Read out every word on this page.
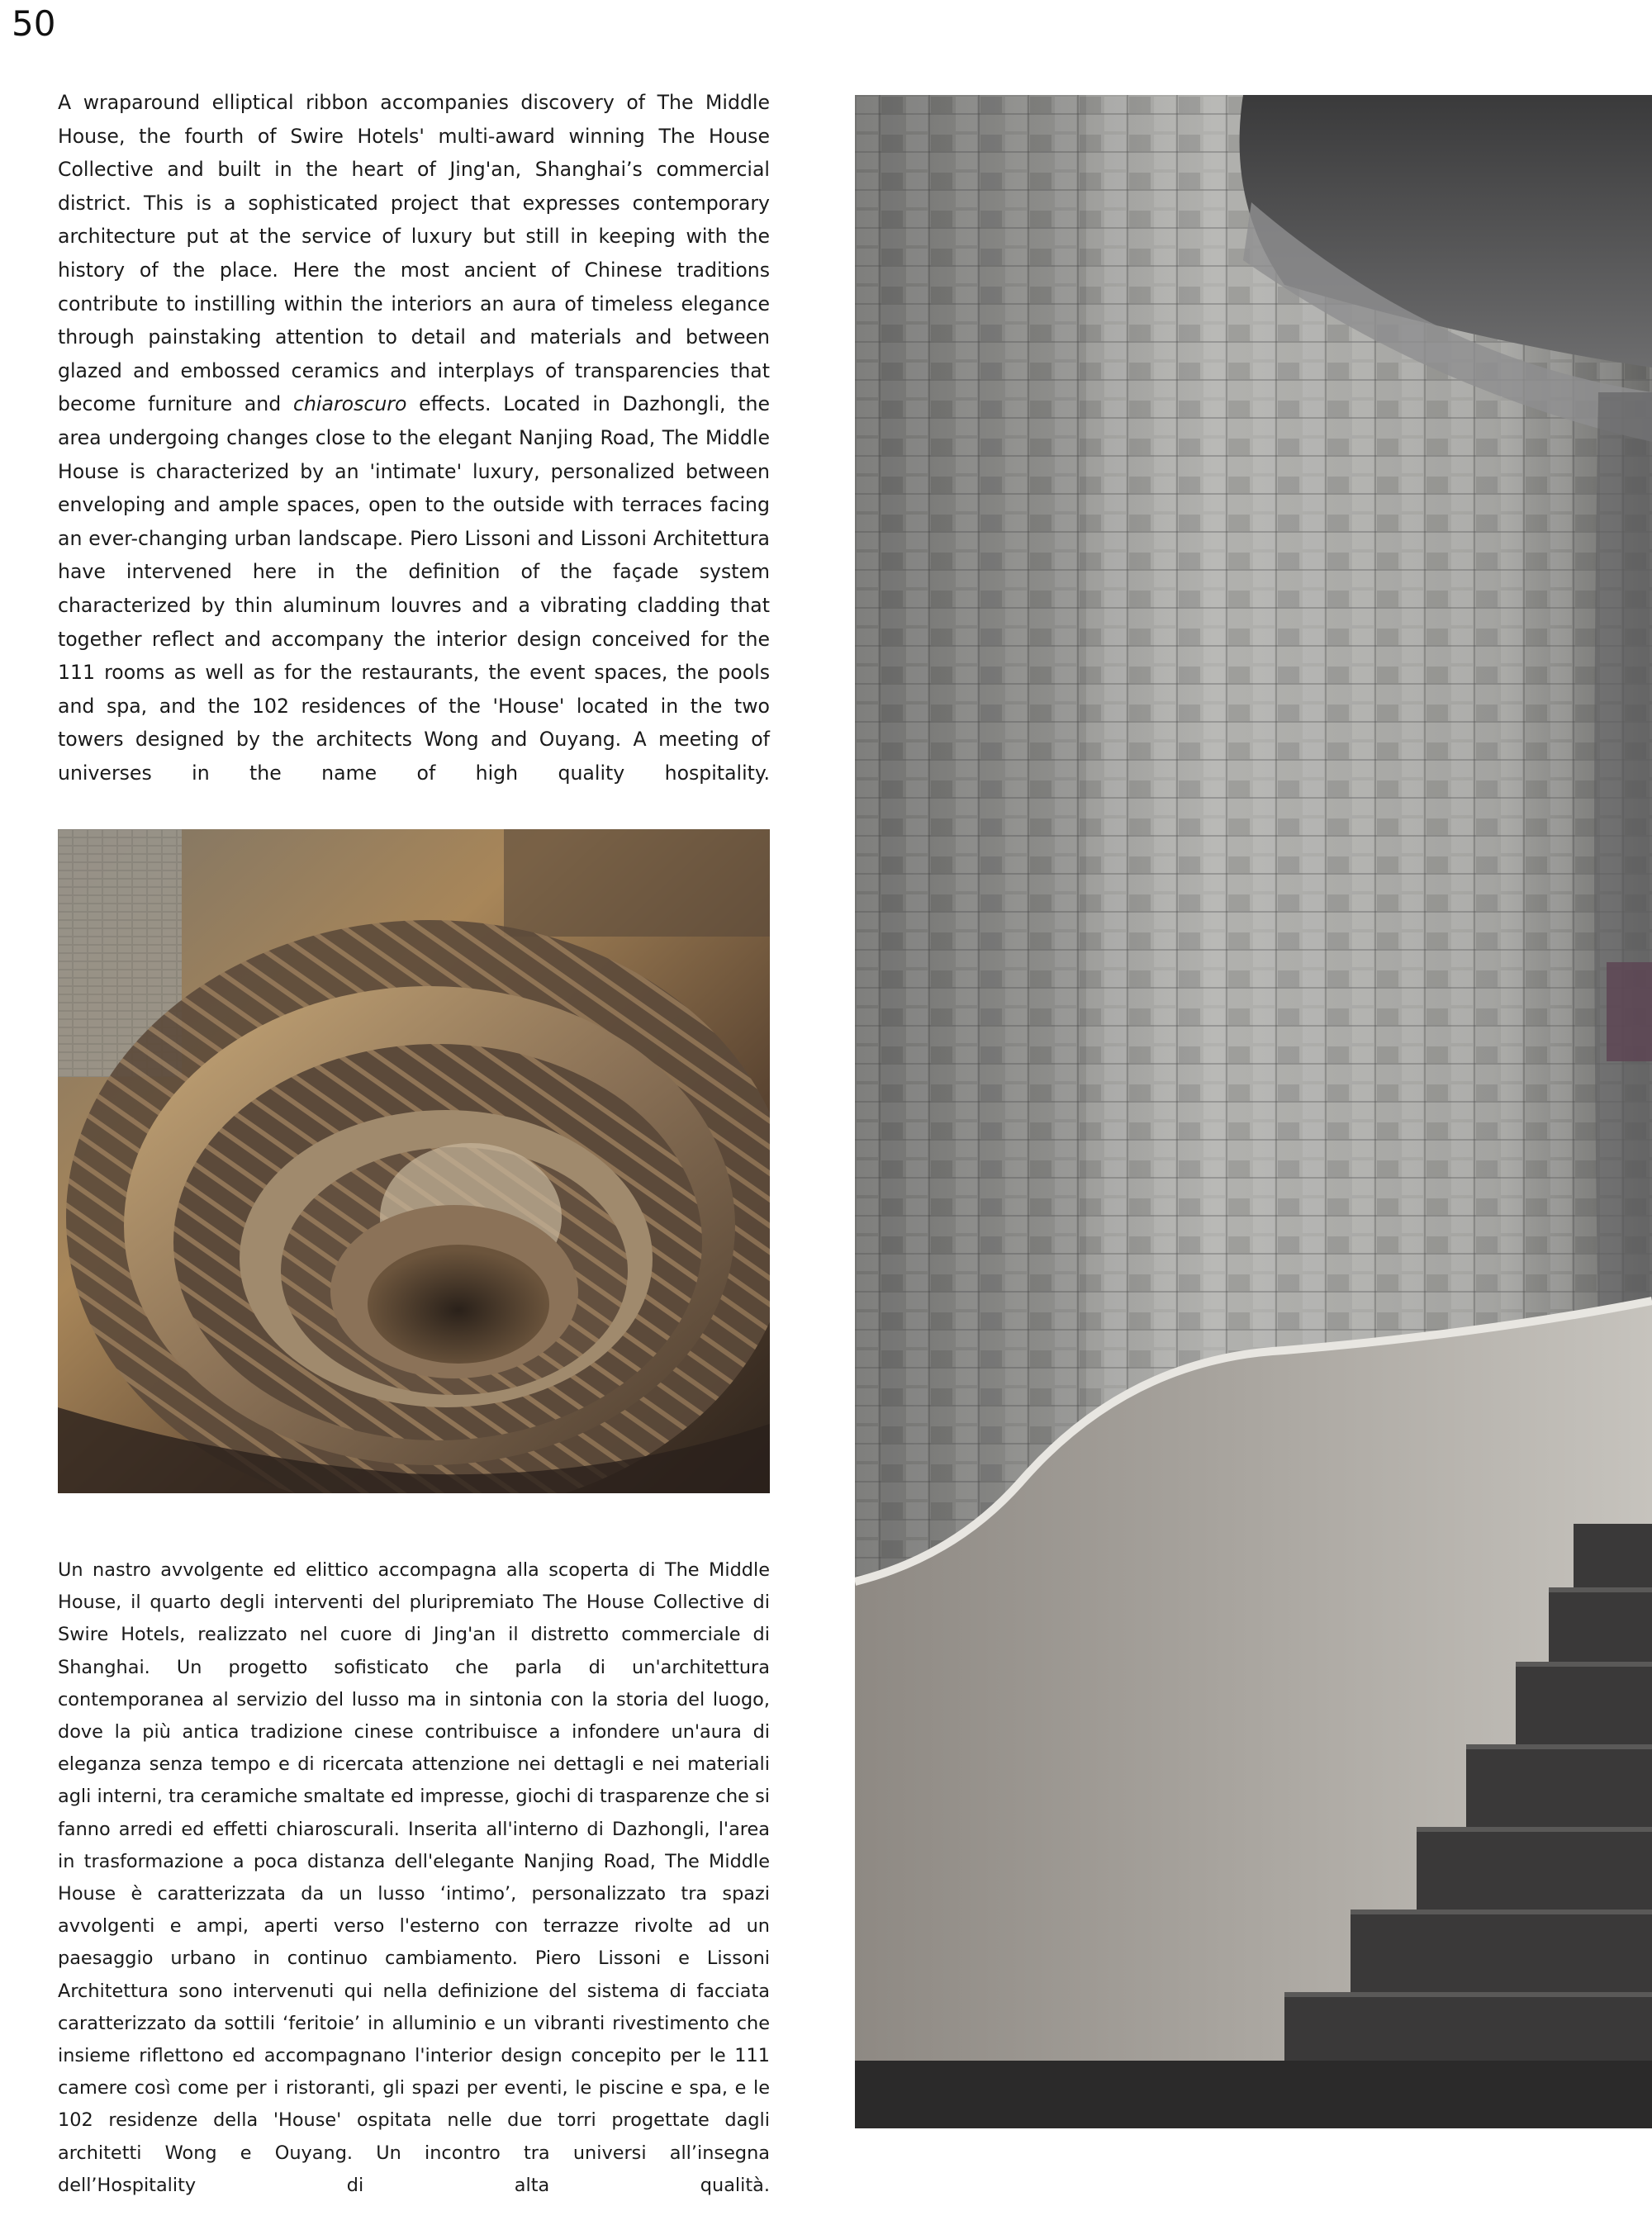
50

A wraparound elliptical ribbon accompanies discovery of The Middle House, the fourth of Swire Hotels' multi-award winning The House Collective and built in the heart of Jing'an, Shanghai’s commercial district. This is a sophisticated project that expresses contemporary architecture put at the service of luxury but still in keeping with the history of the place. Here the most ancient of Chinese traditions contribute to instilling within the interiors an aura of timeless elegance through painstaking attention to detail and materials and between glazed and embossed ceramics and interplays of transparencies that become furniture and chiaroscuro effects. Located in Dazhongli, the area undergoing changes close to the elegant Nanjing Road, The Middle House is characterized by an 'intimate' luxury, personalized between enveloping and ample spaces, open to the outside with terraces facing an ever-changing urban landscape. Piero Lissoni and Lissoni Architettura have intervened here in the definition of the façade system characterized by thin aluminum louvres and a vibrating cladding that together reflect and accompany the interior design conceived for the 111 rooms as well as for the restaurants, the event spaces, the pools and spa, and the 102 residences of the 'House' located in the two towers designed by the architects Wong and Ouyang. A meeting of universes in the name of high quality hospitality.

Un nastro avvolgente ed elittico accompagna alla scoperta di The Middle House, il quarto degli interventi del pluripremiato The House Collective di Swire Hotels, realizzato nel cuore di Jing'an il distretto commerciale di Shanghai. Un progetto sofisticato che parla di un'architettura contemporanea al servizio del lusso ma in sintonia con la storia del luogo, dove la più antica tradizione cinese contribuisce a infondere un'aura di eleganza senza tempo e di ricercata attenzione nei dettagli e nei materiali agli interni, tra ceramiche smaltate ed impresse, giochi di trasparenze che si fanno arredi ed effetti chiaroscurali. Inserita all'interno di Dazhongli, l'area in trasformazione a poca distanza dell'elegante Nanjing Road, The Middle House è caratterizzata da un lusso ‘intimo’, personalizzato tra spazi avvolgenti e ampi, aperti verso l'esterno con terrazze rivolte ad un paesaggio urbano in continuo cambiamento. Piero Lissoni e Lissoni Architettura sono intervenuti qui nella definizione del sistema di facciata caratterizzato da sottili ‘feritoie’ in alluminio e un vibranti rivestimento che insieme riflettono ed accompagnano l'interior design concepito per le 111 camere così come per i ristoranti, gli spazi per eventi, le piscine e spa, e le 102 residenze della 'House' ospitata nelle due torri progettate dagli architetti Wong e Ouyang. Un incontro tra universi all’insegna dell’Hospitality di alta qualità.
